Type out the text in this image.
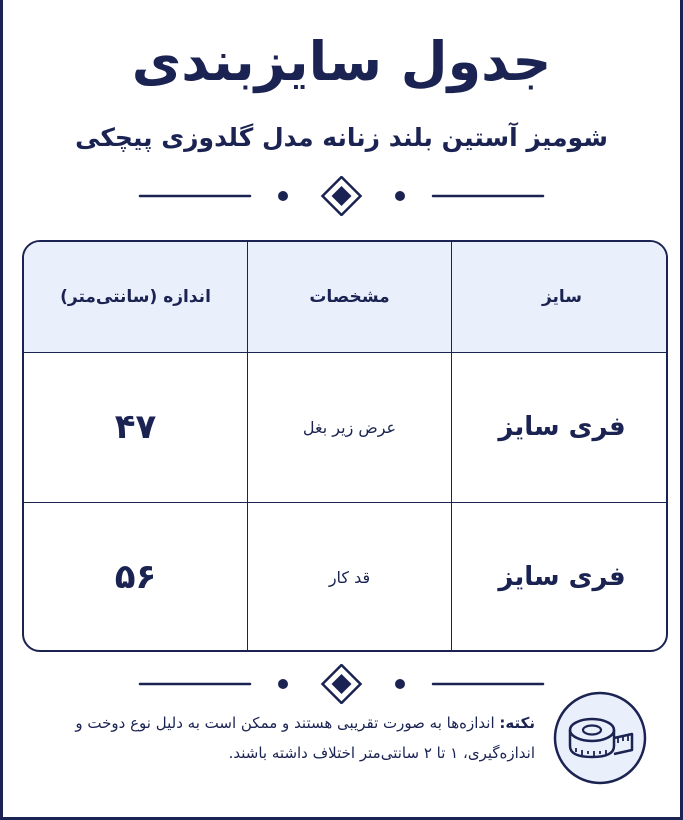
جدول سایزبندی
شومیز آستین بلند زنانه مدل گلدوزی پیچکی
سایز	مشخصات	اندازه (سانتی‌متر)
فری سایز	عرض زیر بغل	۴۷
فری سایز	قد کار	۵۶
نکته: اندازه‌ها به صورت تقریبی هستند و ممکن است به دلیل نوع دوخت و اندازه‌گیری، ۱ تا ۲ سانتی‌متر اختلاف داشته باشند.
